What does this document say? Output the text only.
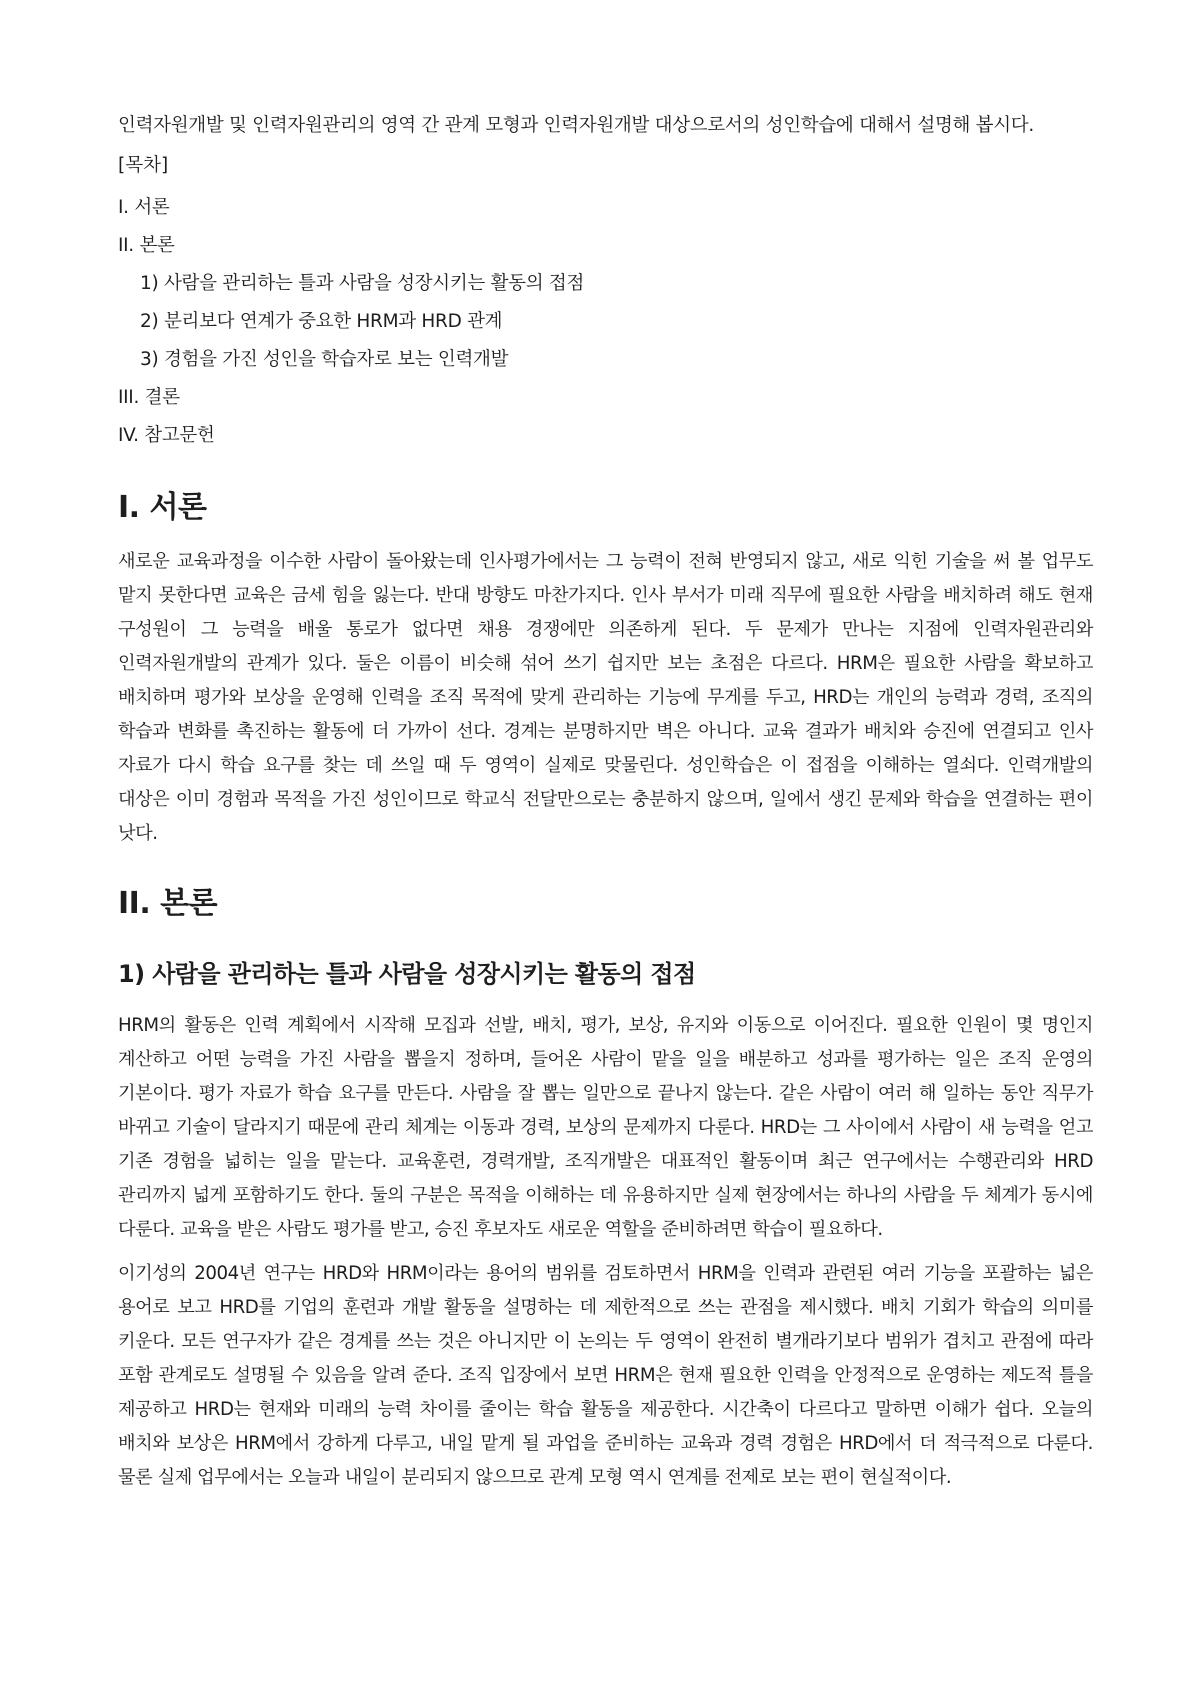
인력자원개발 및 인력자원관리의 영역 간 관계 모형과 인력자원개발 대상으로서의 성인학습에 대해서 설명해 봅시다.

[목차]

I. 서론
II. 본론
1) 사람을 관리하는 틀과 사람을 성장시키는 활동의 접점
2) 분리보다 연계가 중요한 HRM과 HRD 관계
3) 경험을 가진 성인을 학습자로 보는 인력개발
III. 결론
IV. 참고문헌
I. 서론

새로운 교육과정을 이수한 사람이 돌아왔는데 인사평가에서는 그 능력이 전혀 반영되지 않고, 새로 익힌 기술을 써 볼 업무도 맡지 못한다면 교육은 금세 힘을 잃는다. 반대 방향도 마찬가지다. 인사 부서가 미래 직무에 필요한 사람을 배치하려 해도 현재 구성원이 그 능력을 배울 통로가 없다면 채용 경쟁에만 의존하게 된다. 두 문제가 만나는 지점에 인력자원관리와 인력자원개발의 관계가 있다. 둘은 이름이 비슷해 섞어 쓰기 쉽지만 보는 초점은 다르다. HRM은 필요한 사람을 확보하고 배치하며 평가와 보상을 운영해 인력을 조직 목적에 맞게 관리하는 기능에 무게를 두고, HRD는 개인의 능력과 경력, 조직의 학습과 변화를 촉진하는 활동에 더 가까이 선다. 경계는 분명하지만 벽은 아니다. 교육 결과가 배치와 승진에 연결되고 인사 자료가 다시 학습 요구를 찾는 데 쓰일 때 두 영역이 실제로 맞물린다. 성인학습은 이 접점을 이해하는 열쇠다. 인력개발의 대상은 이미 경험과 목적을 가진 성인이므로 학교식 전달만으로는 충분하지 않으며, 일에서 생긴 문제와 학습을 연결하는 편이 낫다.

II. 본론
1) 사람을 관리하는 틀과 사람을 성장시키는 활동의 접점

HRM의 활동은 인력 계획에서 시작해 모집과 선발, 배치, 평가, 보상, 유지와 이동으로 이어진다. 필요한 인원이 몇 명인지 계산하고 어떤 능력을 가진 사람을 뽑을지 정하며, 들어온 사람이 맡을 일을 배분하고 성과를 평가하는 일은 조직 운영의 기본이다. 평가 자료가 학습 요구를 만든다. 사람을 잘 뽑는 일만으로 끝나지 않는다. 같은 사람이 여러 해 일하는 동안 직무가 바뀌고 기술이 달라지기 때문에 관리 체계는 이동과 경력, 보상의 문제까지 다룬다. HRD는 그 사이에서 사람이 새 능력을 얻고 기존 경험을 넓히는 일을 맡는다. 교육훈련, 경력개발, 조직개발은 대표적인 활동이며 최근 연구에서는 수행관리와 HRD 관리까지 넓게 포함하기도 한다. 둘의 구분은 목적을 이해하는 데 유용하지만 실제 현장에서는 하나의 사람을 두 체계가 동시에 다룬다. 교육을 받은 사람도 평가를 받고, 승진 후보자도 새로운 역할을 준비하려면 학습이 필요하다.

이기성의 2004년 연구는 HRD와 HRM이라는 용어의 범위를 검토하면서 HRM을 인력과 관련된 여러 기능을 포괄하는 넓은 용어로 보고 HRD를 기업의 훈련과 개발 활동을 설명하는 데 제한적으로 쓰는 관점을 제시했다. 배치 기회가 학습의 의미를 키운다. 모든 연구자가 같은 경계를 쓰는 것은 아니지만 이 논의는 두 영역이 완전히 별개라기보다 범위가 겹치고 관점에 따라 포함 관계로도 설명될 수 있음을 알려 준다. 조직 입장에서 보면 HRM은 현재 필요한 인력을 안정적으로 운영하는 제도적 틀을 제공하고 HRD는 현재와 미래의 능력 차이를 줄이는 학습 활동을 제공한다. 시간축이 다르다고 말하면 이해가 쉽다. 오늘의 배치와 보상은 HRM에서 강하게 다루고, 내일 맡게 될 과업을 준비하는 교육과 경력 경험은 HRD에서 더 적극적으로 다룬다. 물론 실제 업무에서는 오늘과 내일이 분리되지 않으므로 관계 모형 역시 연계를 전제로 보는 편이 현실적이다.
